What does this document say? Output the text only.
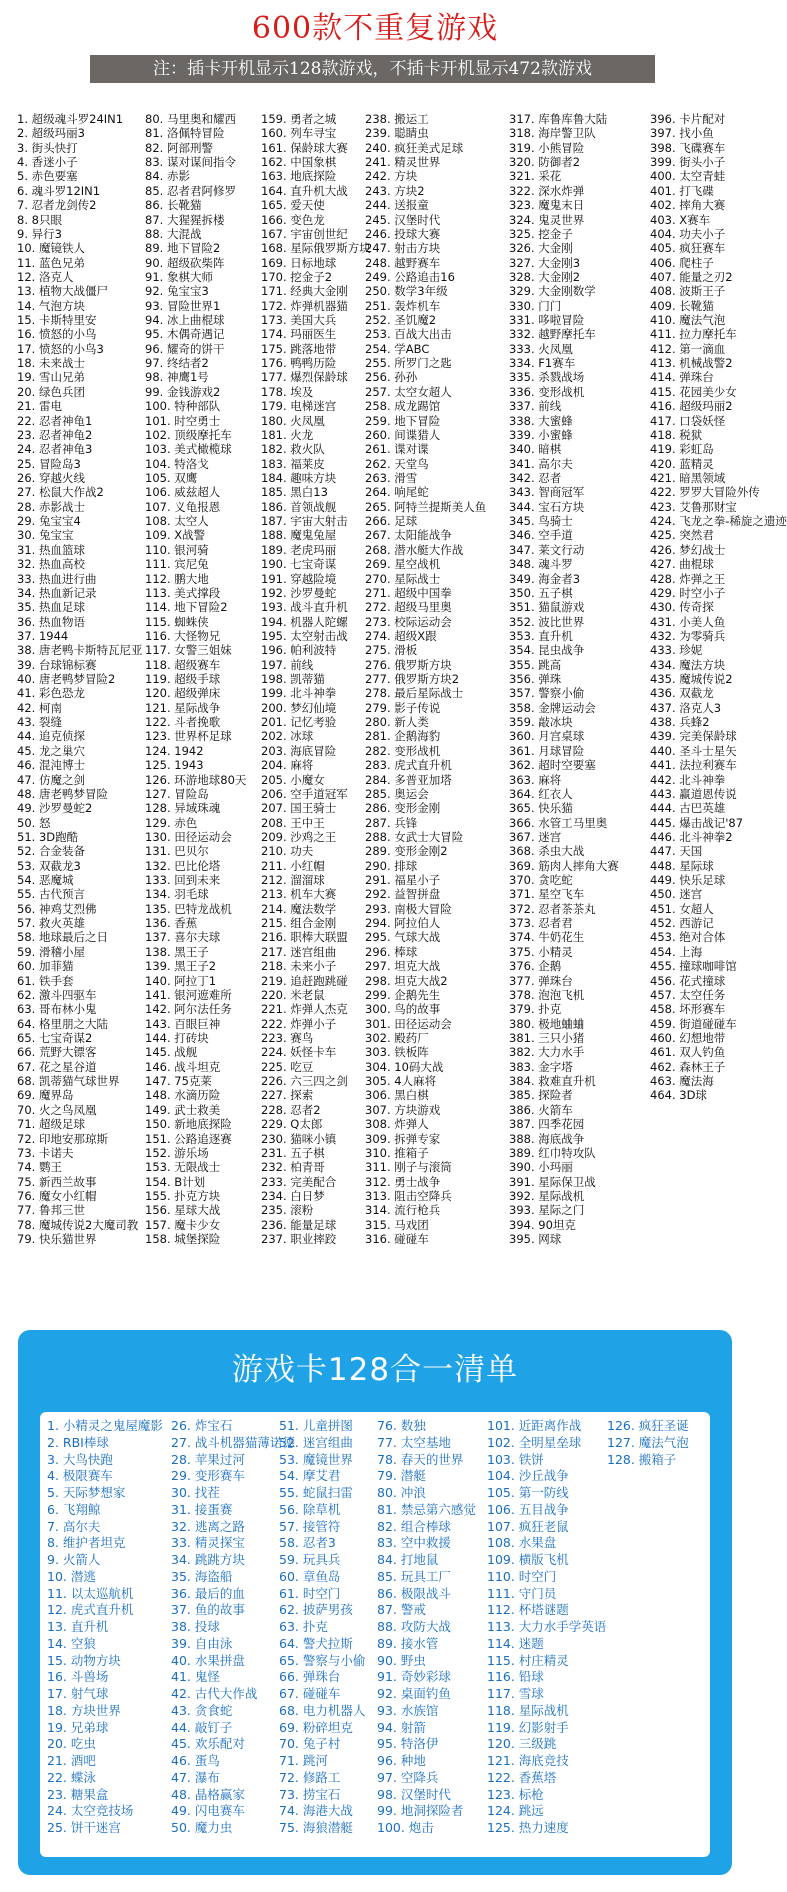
600款不重复游戏
注：插卡开机显示128款游戏，不插卡开机显示472款游戏
1. 超级魂斗罗24IN1
2. 超级玛丽3
3. 街头快打
4. 香迷小子
5. 赤色要塞
6. 魂斗罗12IN1
7. 忍者龙剑传2
8. 8只眼
9. 异行3
10. 魔镜铁人
11. 蓝色兄弟
12. 洛克人
13. 植物大战僵尸
14. 气泡方块
15. 卡斯特里安
16. 愤怒的小鸟
17. 愤怒的小鸟3
18. 未来战士
19. 雪山兄弟
20. 绿色兵团
21. 雷电
22. 忍者神龟1
23. 忍者神龟2
24. 忍者神龟3
25. 冒险岛3
26. 穿越火线
27. 松鼠大作战2
28. 赤影战士
29. 兔宝宝4
30. 兔宝宝
31. 热血篮球
32. 热血高校
33. 热血进行曲
34. 热血新记录
35. 热血足球
36. 热血物语
37. 1944
38. 唐老鸭卡斯特瓦尼亚
39. 台球锦标赛
40. 唐老鸭梦冒险2
41. 彩色恐龙
42. 柯南
43. 裂缝
44. 追克侦探
45. 龙之巢穴
46. 混沌博士
47. 仿魔之剑
48. 唐老鸭梦冒险
49. 沙罗曼蛇2
50. 怒
51. 3D跑酷
52. 合金装备
53. 双截龙3
54. 恶魔城
55. 古代预言
56. 神鸡艾烈佛
57. 救火英雄
58. 地球最后之日
59. 滑稽小屋
60. 加菲猫
61. 铁手套
62. 激斗四驱车
63. 哥布林小鬼
64. 格里朋之大陆
65. 七宝奇谋2
66. 荒野大镖客
67. 花之星谷道
68. 凯蒂猫气球世界
69. 魔界岛
70. 火之鸟凤凰
71. 超级足球
72. 印地安那琼斯
73. 卡诺夫
74. 鹦王
75. 新西兰故事
76. 魔女小红帽
77. 鲁邦三世
78. 魔城传说2大魔司教
79. 快乐猫世界
80. 马里奥和耀西
81. 洛佩特冒险
82. 阿部刑警
83. 谋对谋间指令
84. 赤影
85. 忍者君阿修罗
86. 长靴猫
87. 大猩猩拆楼
88. 大混战
89. 地下冒险2
90. 超级砍柴阵
91. 象棋大师
92. 兔宝宝3
93. 冒险世界1
94. 冰上曲棍球
95. 木偶奇遇记
96. 耀奇的饼干
97. 终结者2
98. 神鹰1号
99. 金钱游戏2
100. 特种部队
101. 时空勇士
102. 顶级摩托车
103. 美式橄榄球
104. 特洛戈
105. 双鹰
106. 威兹超人
107. 义龟报恩
108. 太空人
109. X战警
110. 银河骑
111. 宾尼兔
112. 鹏大地
113. 美式撑段
114. 地下冒险2
115. 蜘蛛侠
116. 大怪物兄
117. 女警三姐妹
118. 超级赛车
119. 超级手球
120. 超级弹床
121. 星际战争
122. 斗者挽歌
123. 世界杯足球
124. 1942
125. 1943
126. 环游地球80天
127. 冒险岛
128. 异域珠魂
129. 赤色
130. 田径运动会
131. 巴贝尔
132. 巴比伦塔
133. 回到未来
134. 羽毛球
135. 巴特龙战机
136. 香蕉
137. 喜尔夫球
138. 黑王子
139. 黑王子2
140. 阿拉丁1
141. 银河遮难所
142. 阿尔法任务
143. 百眼巨神
144. 打砖块
145. 战舰
146. 战斗坦克
147. 75克莱
148. 水滴历险
149. 武士救美
150. 新地底探险
151. 公路追逐赛
152. 游乐场
153. 无限战士
154. B计划
155. 扑克方块
156. 星球大战
157. 魔卡少女
158. 城堡探险
159. 勇者之城
160. 列车寻宝
161. 保龄球大赛
162. 中国象棋
163. 地底探险
164. 直升机大战
165. 爱天使
166. 变色龙
167. 宇宙创世纪
168. 星际俄罗斯方块
169. 日标地球
170. 挖金子2
171. 经典大金刚
172. 炸弹机器猫
173. 美国大兵
174. 玛丽医生
175. 跳落地带
176. 鸭鸭历险
177. 爆烈保龄球
178. 埃及
179. 电梯迷宫
180. 火凤凰
181. 火龙
182. 救火队
183. 福莱皮
184. 趣味方块
185. 黑白13
186. 首领战舰
187. 宇宙大射击
188. 魔鬼兔屋
189. 老虎玛丽
190. 七宝奇谋
191. 穿越险境
192. 沙罗曼蛇
193. 战斗直升机
194. 机器人陀螺
195. 太空射击战
196. 帕利波特
197. 前线
198. 凯蒂猫
199. 北斗神拳
200. 梦幻仙境
201. 记忆考验
202. 冰球
203. 海底冒险
204. 麻将
205. 小魔女
206. 空手道冠军
207. 国王骑士
208. 王中王
209. 沙鸡之王
210. 功夫
211. 小红帽
212. 溜溜球
213. 机车大赛
214. 魔法数学
215. 组合金刚
216. 职棒大联盟
217. 迷宫组曲
218. 未来小子
219. 追赶跑跳碰
220. 米老鼠
221. 炸弹人杰克
222. 炸弹小子
223. 赛鸟
224. 妖怪卡车
225. 吃豆
226. 六三四之剑
227. 探索
228. 忍者2
229. Q太郎
230. 猫咪小镇
231. 五子棋
232. 柏青哥
233. 完美配合
234. 白日梦
235. 滚粉
236. 能量足球
237. 职业摔跤
238. 搬运工
239. 聪睛虫
240. 疯狂美式足球
241. 精灵世界
242. 方块
243. 方块2
244. 送报童
245. 汉堡时代
246. 投球大赛
247. 射击方块
248. 越野赛车
249. 公路追击16
250. 数学3年级
251. 轰炸机车
252. 圣饥魔2
253. 百战大出击
254. 学ABC
255. 所罗门之匙
256. 孙孙
257. 太空女超人
258. 成龙踢馆
259. 地下冒险
260. 间谍猎人
261. 谍对谍
262. 天堂鸟
263. 滑雪
264. 响尾蛇
265. 阿特兰提斯美人鱼
266. 足球
267. 太阳能战争
268. 潜水艇大作战
269. 星空战机
270. 星际战士
271. 超级中国拳
272. 超级马里奥
273. 校际运动会
274. 超级X跟
275. 滑板
276. 俄罗斯方块
277. 俄罗斯方块2
278. 最后星际战士
279. 影子传说
280. 新人类
281. 企鹅海豹
282. 变形战机
283. 虎式直升机
284. 多普亚加塔
285. 奥运会
286. 变形金刚
287. 兵锋
288. 女武士大冒险
289. 变形金刚2
290. 排球
291. 福星小子
292. 益智拼盘
293. 南极大冒险
294. 阿拉伯人
295. 气球大战
296. 棒球
297. 坦克大战
298. 坦克大战2
299. 企鹅先生
300. 鸟的故事
301. 田径运动会
302. 殿药厂
303. 铁板阵
304. 10码大战
305. 4人麻将
306. 黑白棋
307. 方块游戏
308. 炸弹人
309. 拆弹专家
310. 推箱子
311. 刚子与滚筒
312. 勇士战争
313. 阻击空降兵
314. 流行枪兵
315. 马戏团
316. 碰碰车
317. 库鲁库鲁大陆
318. 海岸警卫队
319. 小熊冒险
320. 防御者2
321. 采花
322. 深水炸弹
323. 魔鬼末日
324. 鬼灵世界
325. 挖金子
326. 大金刚
327. 大金刚3
328. 大金刚2
329. 大金刚数学
330. 门门
331. 哆啦冒险
332. 越野摩托车
333. 火凤凰
334. F1赛车
335. 杀戮战场
336. 变形战机
337. 前线
338. 大蜜蜂
339. 小蜜蜂
340. 暗棋
341. 高尔夫
342. 忍者
343. 智商冠军
344. 宝石方块
345. 鸟骑士
346. 空手道
347. 莱文行动
348. 魂斗罗
349. 海金者3
350. 五子棋
351. 猫鼠游戏
352. 波比世界
353. 直升机
354. 昆虫战争
355. 跳高
356. 弹珠
357. 警察小偷
358. 金牌运动会
359. 敲冰块
360. 月宫桌球
361. 月球冒险
362. 超时空要塞
363. 麻将
364. 红衣人
365. 快乐猫
366. 水管工马里奥
367. 迷宫
368. 杀虫大战
369. 筋肉人摔角大赛
370. 贪吃蛇
371. 星空飞车
372. 忍者茶茶丸
373. 忍者君
374. 牛奶花生
375. 小精灵
376. 企鹅
377. 弹珠台
378. 泡泡飞机
379. 扑克
380. 极地蛐蛐
381. 三只小猪
382. 大力水手
383. 金字塔
384. 救难直升机
385. 探险者
386. 火箭车
387. 四季花园
388. 海底战争
389. 红巾特攻队
390. 小玛丽
391. 星际保卫战
392. 星际战机
393. 星际之门
394. 90坦克
395. 网球
396. 卡片配对
397. 找小鱼
398. 飞碟赛车
399. 街头小子
400. 太空青蛙
401. 打飞碟
402. 摔角大赛
403. X赛车
404. 功夫小子
405. 疯狂赛车
406. 爬柱子
407. 能量之刃2
408. 波斯王子
409. 长靴猫
410. 魔法气泡
411. 拉力摩托车
412. 第一滴血
413. 机械战警2
414. 弹珠台
415. 花园美少女
416. 超级玛丽2
417. 口袋妖怪
418. 税狱
419. 彩虹岛
420. 蓝精灵
421. 暗黑领域
422. 罗罗大冒险外传
423. 艾鲁那财宝
424. 飞龙之拳-稀旋之遗迹
425. 突然君
426. 梦幻战士
427. 曲棍球
428. 炸弹之王
429. 时空小子
430. 传奇探
431. 小美人鱼
432. 为零骑兵
433. 珍妮
434. 魔法方块
435. 魔城传说2
436. 双截龙
437. 洛克人3
438. 兵蜂2
439. 完美保龄球
440. 圣斗士星矢
441. 法拉利赛车
442. 北斗神拳
443. 赢道恩传说
444. 古巴英雄
445. 爆击战记'87
446. 北斗神拳2
447. 天国
448. 星际球
449. 快乐足球
450. 迷宫
451. 女超人
452. 西游记
453. 绝对合体
454. 上海
455. 撞球咖啡馆
456. 花式撞球
457. 太空任务
458. 坏形赛车
459. 街道碰碰车
460. 幻想地带
461. 双人钓鱼
462. 森林王子
463. 魔法海
464. 3D球
游戏卡128合一清单
1. 小精灵之鬼屋魔影
2. RBI棒球
3. 大鸟快跑
4. 极限赛车
5. 天际梦想家
6. 飞翔鲸
7. 高尔夫
8. 维护者坦克
9. 火箭人
10. 潜逃
11. 以太巡航机
12. 虎式直升机
13. 直升机
14. 空狼
15. 动物方块
16. 斗兽场
17. 射气球
18. 方块世界
19. 兄弟球
20. 吃虫
21. 酒吧
22. 蝶泳
23. 糖果盒
24. 太空竞技场
25. 饼干迷宫
26. 炸宝石
27. 战斗机器猫薄诺德
28. 苹果过河
29. 变形赛车
30. 找茬
31. 接蛋赛
32. 逃离之路
33. 精灵探宝
34. 跳跳方块
35. 海盗船
36. 最后的血
37. 鱼的故事
38. 投球
39. 自由泳
40. 水果拼盘
41. 鬼怪
42. 古代大作战
43. 贪食蛇
44. 敲钉子
45. 欢乐配对
46. 蛋鸟
47. 瀑布
48. 晶格赢家
49. 闪电赛车
50. 魔力虫
51. 儿童拼图
52. 迷宫组曲
53. 魔镜世界
54. 摩艾君
55. 蛇鼠扫雷
56. 除草机
57. 接管符
58. 忍者3
59. 玩具兵
60. 章鱼岛
61. 时空门
62. 披萨男孩
63. 扑克
64. 警犬拉斯
65. 警察与小偷
66. 弹珠台
67. 碰碰车
68. 电力机器人
69. 粉碎坦克
70. 兔子村
71. 跳河
72. 修路工
73. 捞宝石
74. 海港大战
75. 海狼潜艇
76. 数独
77. 太空基地
78. 春天的世界
79. 潜艇
80. 冲浪
81. 禁忌第六感觉
82. 组合棒球
83. 空中救援
84. 打地鼠
85. 玩具工厂
86. 极限战斗
87. 警戒
88. 攻防大战
89. 接水管
90. 野虫
91. 奇妙彩球
92. 桌面钓鱼
93. 水族馆
94. 射箭
95. 特洛伊
96. 种地
97. 空降兵
98. 汉堡时代
99. 地洞探险者
100. 炮击
101. 近距离作战
102. 全明星垒球
103. 铁饼
104. 沙丘战争
105. 第一防线
106. 五目战争
107. 疯狂老鼠
108. 水果盘
109. 横版飞机
110. 时空门
111. 守门员
112. 杯塔谜题
113. 大力水手学英语
114. 迷题
115. 村庄精灵
116. 铅球
117. 雪球
118. 星际战机
119. 幻影射手
120. 三级跳
121. 海底竞技
122. 香蕉塔
123. 标枪
124. 跳远
125. 热力速度
126. 疯狂圣诞
127. 魔法气泡
128. 搬箱子
